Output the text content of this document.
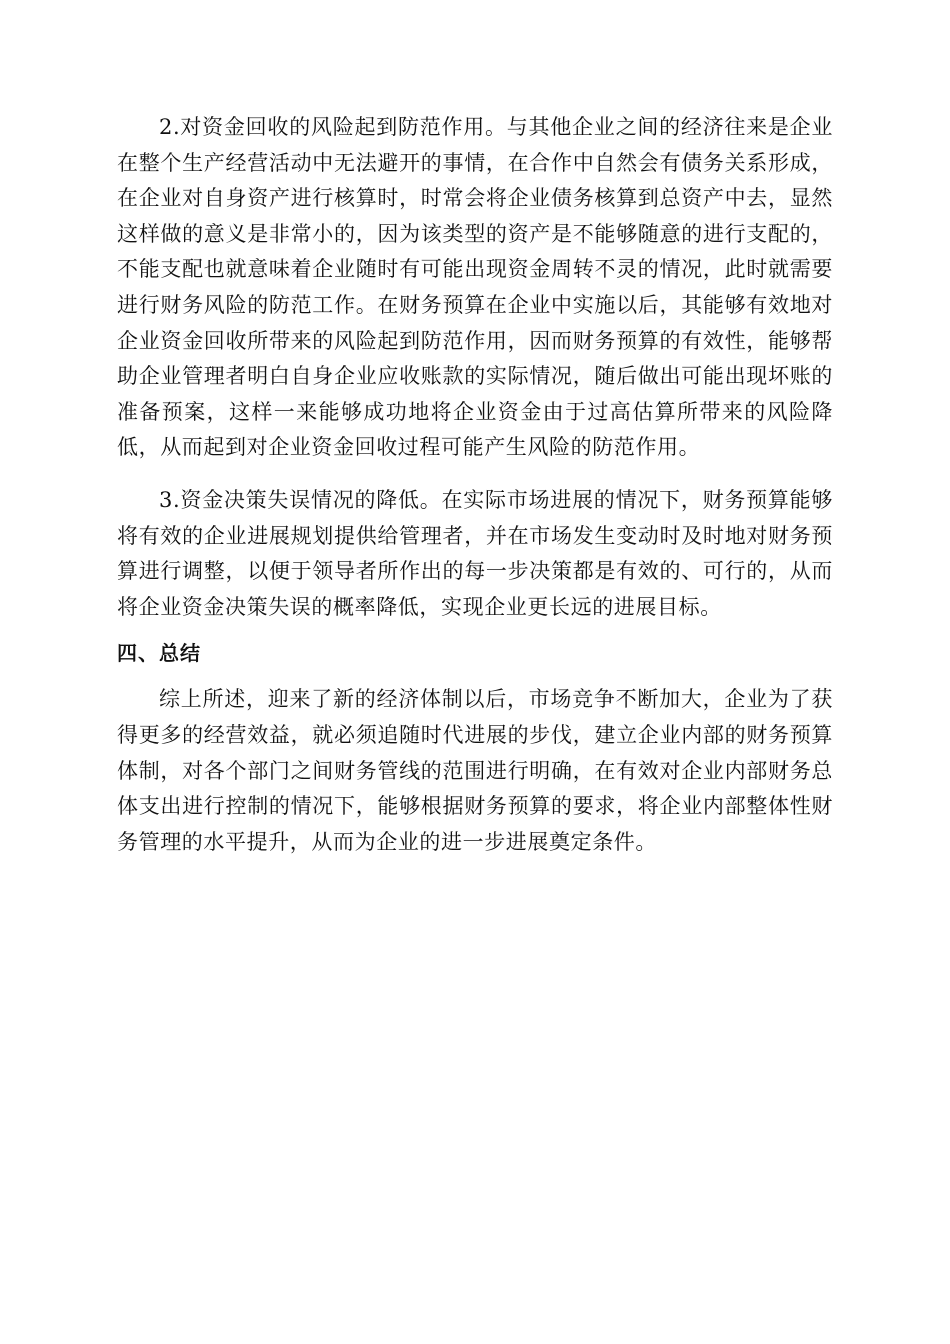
2.对资金回收的风险起到防范作用。与其他企业之间的经济往来是企业在整个生产经营活动中无法避开的事情，在合作中自然会有债务关系形成，在企业对自身资产进行核算时，时常会将企业债务核算到总资产中去，显然这样做的意义是非常小的，因为该类型的资产是不能够随意的进行支配的，不能支配也就意味着企业随时有可能出现资金周转不灵的情况，此时就需要进行财务风险的防范工作。在财务预算在企业中实施以后，其能够有效地对企业资金回收所带来的风险起到防范作用，因而财务预算的有效性，能够帮助企业管理者明白自身企业应收账款的实际情况，随后做出可能出现坏账的准备预案，这样一来能够成功地将企业资金由于过高估算所带来的风险降低，从而起到对企业资金回收过程可能产生风险的防范作用。

3.资金决策失误情况的降低。在实际市场进展的情况下，财务预算能够将有效的企业进展规划提供给管理者，并在市场发生变动时及时地对财务预算进行调整，以便于领导者所作出的每一步决策都是有效的、可行的，从而将企业资金决策失误的概率降低，实现企业更长远的进展目标。

四、总结

综上所述，迎来了新的经济体制以后，市场竞争不断加大，企业为了获得更多的经营效益，就必须追随时代进展的步伐，建立企业内部的财务预算体制，对各个部门之间财务管线的范围进行明确，在有效对企业内部财务总体支出进行控制的情况下，能够根据财务预算的要求，将企业内部整体性财务管理的水平提升，从而为企业的进一步进展奠定条件。
